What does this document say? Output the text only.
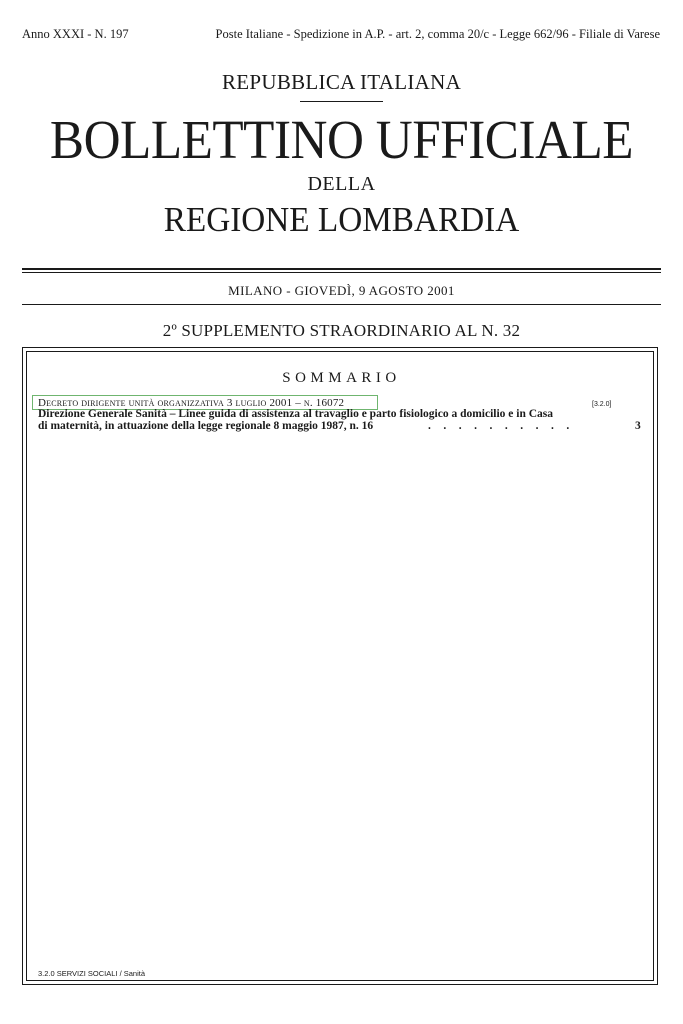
Anno XXXI - N. 197	Poste Italiane - Spedizione in A.P. - art. 2, comma 20/c - Legge 662/96 - Filiale di Varese
REPUBBLICA ITALIANA
BOLLETTINO UFFICIALE
DELLA
REGIONE LOMBARDIA
MILANO - GIOVEDÌ, 9 AGOSTO 2001
2º SUPPLEMENTO STRAORDINARIO AL N. 32
SOMMARIO
Decreto dirigente unità organizzativa 3 luglio 2001 – n. 16072	[3.2.0]
Direzione Generale Sanità – Linee guida di assistenza al travaglio e parto fisiologico a domicilio e in Casa
di maternità, in attuazione della legge regionale 8 maggio 1987, n. 16	..........	3
3.2.0 SERVIZI SOCIALI / Sanità
